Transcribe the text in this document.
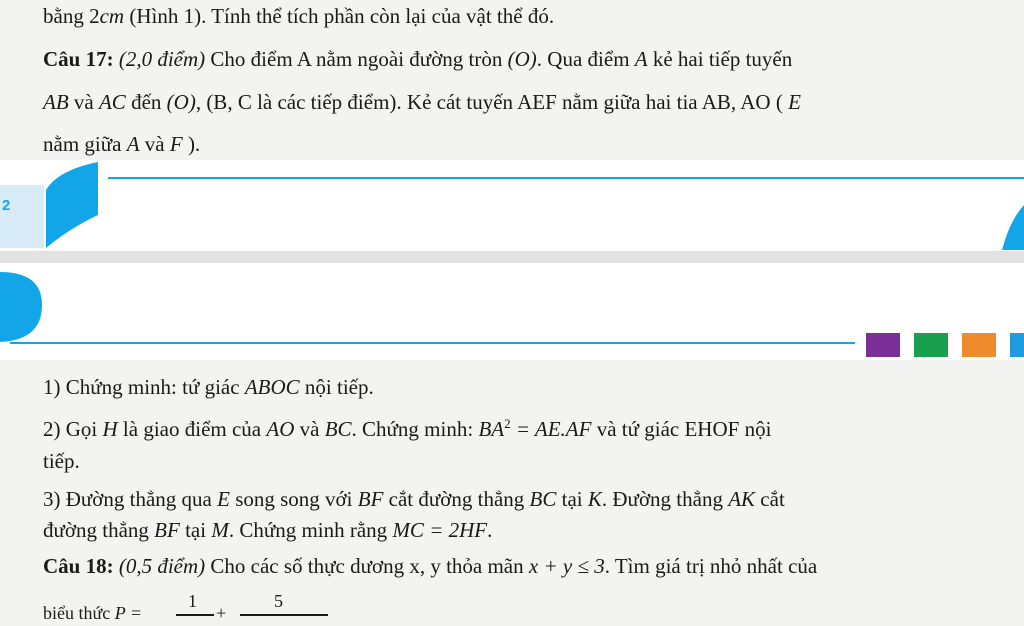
bằng 2cm (Hình 1). Tính thể tích phần còn lại của vật thể đó.
Câu 17: (2,0 điểm) Cho điểm A nằm ngoài đường tròn (O). Qua điểm A kẻ hai tiếp tuyến
AB và AC đến (O), (B, C là các tiếp điểm). Kẻ cát tuyến AEF nằm giữa hai tia AB, AO ( E
nằm giữa A và F ).
2
1) Chứng minh: tứ giác ABOC nội tiếp.
2) Gọi H là giao điểm của AO và BC. Chứng minh: $BA^2 = AE.AF$ và tứ giác EHOF nội
tiếp.
3) Đường thẳng qua E song song với BF cắt đường thẳng BC tại K. Đường thẳng AK cắt
đường thẳng BF tại M. Chứng minh rằng MC = 2HF.
Câu 18: (0,5 điểm) Cho các số thực dương x, y thỏa mãn x + y ≤ 3. Tìm giá trị nhỏ nhất của
biểu thức P =
1
+
5
